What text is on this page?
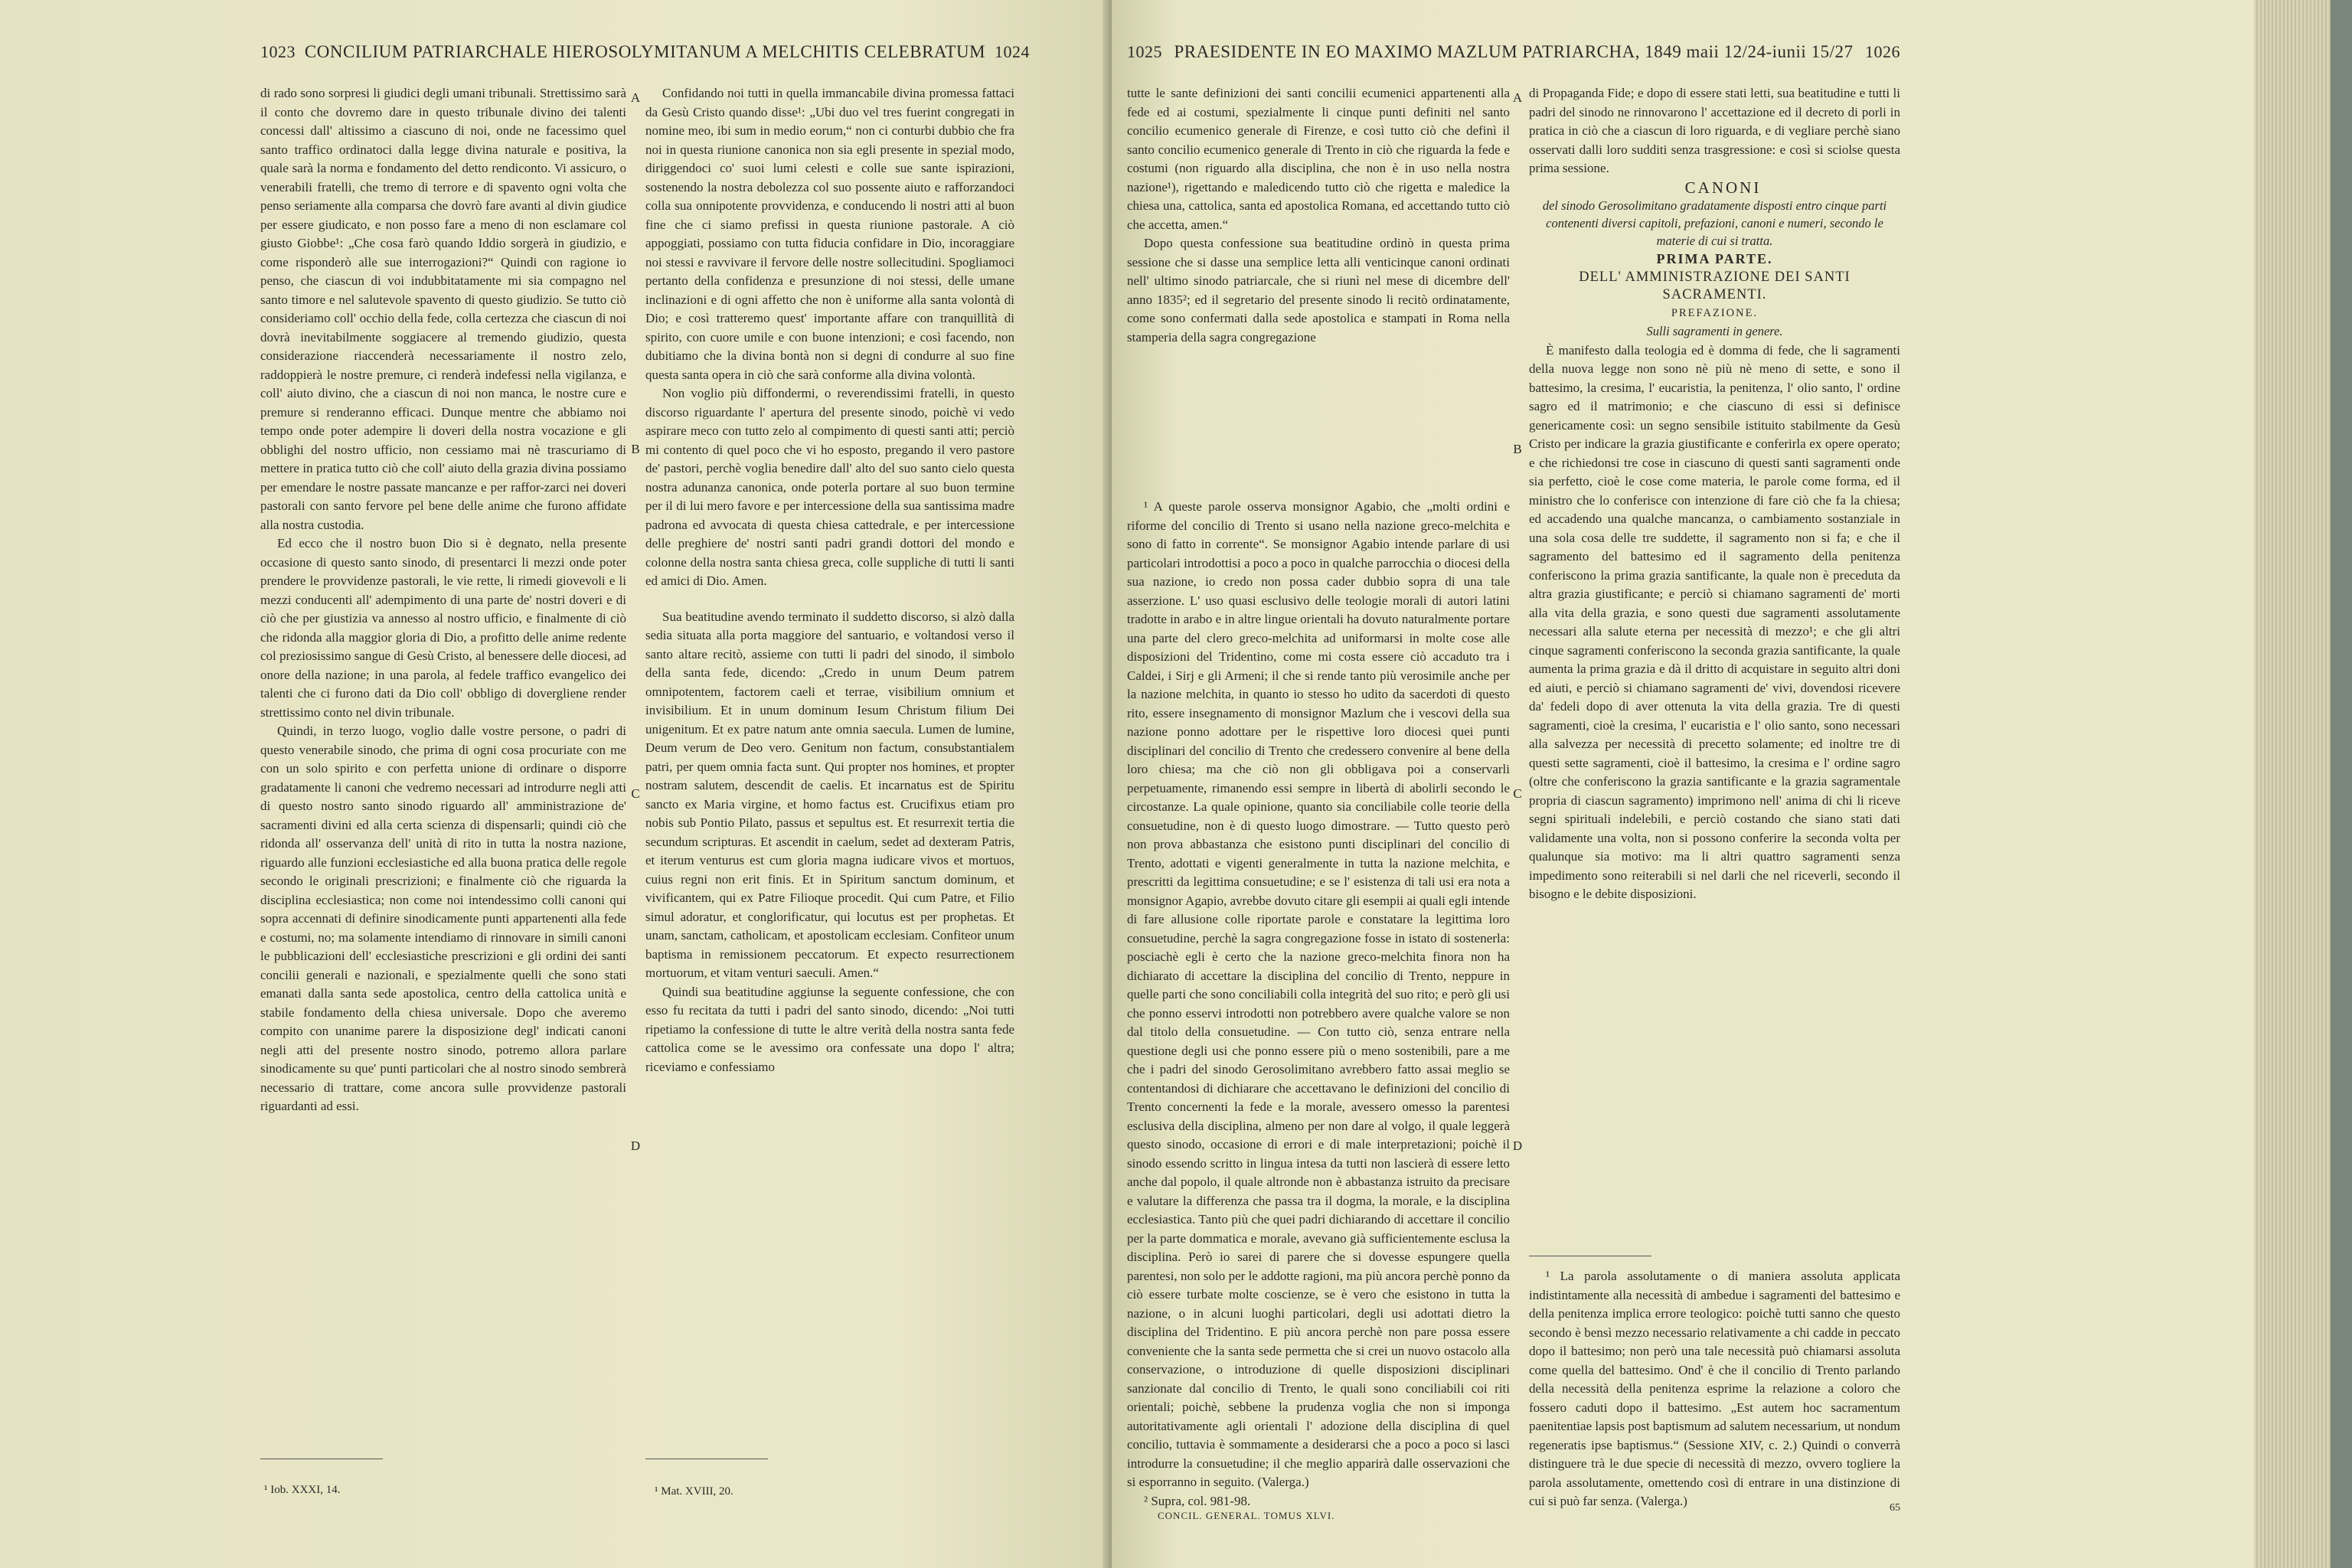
1023 CONCILIUM PATRIARCHALE HIEROSOLYMITANUM A MELCHITIS CELEBRATUM 1024

di rado sono sorpresi li giudici degli umani tribunali. Strettissimo sarà il conto che dovremo dare in questo tribunale divino dei talenti concessi dall' altissimo a ciascuno di noi, onde ne facessimo quel santo traffico ordinatoci dalla legge divina naturale e positiva, la quale sarà la norma e fondamento del detto rendiconto. Vi assicuro, o venerabili fratelli, che tremo di terrore e di spavento ogni volta che penso seriamente alla comparsa che dovrò fare avanti al divin giudice per essere giudicato, e non posso fare a meno di non esclamare col giusto Giobbe¹: „Che cosa farò quando Iddio sorgerà in giudizio, e come risponderò alle sue interrogazioni?“ Quindi con ragione io penso, che ciascun di voi indubbitatamente mi sia compagno nel santo timore e nel salutevole spavento di questo giudizio. Se tutto ciò consideriamo coll' occhio della fede, colla certezza che ciascun di noi dovrà inevitabilmente soggiacere al tremendo giudizio, questa considerazione riaccenderà necessariamente il nostro zelo, raddoppierà le nostre premure, ci renderà indefessi nella vigilanza, e coll' aiuto divino, che a ciascun di noi non manca, le nostre cure e premure si renderanno efficaci. Dunque mentre che abbiamo noi tempo onde poter adempire li doveri della nostra vocazione e gli obblighi del nostro ufficio, non cessiamo mai nè trascuriamo di mettere in pratica tutto ciò che coll' aiuto della grazia divina possiamo per emendare le nostre passate mancanze e per raffor-zarci nei doveri pastorali con santo fervore pel bene delle anime che furono affidate alla nostra custodia.

Ed ecco che il nostro buon Dio si è degnato, nella presente occasione di questo santo sinodo, di presentarci li mezzi onde poter prendere le provvidenze pastorali, le vie rette, li rimedi giovevoli e li mezzi conducenti all' adempimento di una parte de' nostri doveri e di ciò che per giustizia va annesso al nostro ufficio, e finalmente di ciò che ridonda alla maggior gloria di Dio, a profitto delle anime redente col preziosissimo sangue di Gesù Cristo, al benessere delle diocesi, ad onore della nazione; in una parola, al fedele traffico evangelico dei talenti che ci furono dati da Dio coll' obbligo di dovergliene render strettissimo conto nel divin tribunale.

Quindi, in terzo luogo, voglio dalle vostre persone, o padri di questo venerabile sinodo, che prima di ogni cosa procuriate con me con un solo spirito e con perfetta unione di ordinare o disporre gradatamente li canoni che vedremo necessari ad introdurre negli atti di questo nostro santo sinodo riguardo all' amministrazione de' sacramenti divini ed alla certa scienza di dispensarli; quindi ciò che ridonda all' osservanza dell' unità di rito in tutta la nostra nazione, riguardo alle funzioni ecclesiastiche ed alla buona pratica delle regole secondo le originali prescrizioni; e finalmente ciò che riguarda la disciplina ecclesiastica; non come noi intendessimo colli canoni qui sopra accennati di definire sinodicamente punti appartenenti alla fede e costumi, no; ma solamente intendiamo di rinnovare in simili canoni le pubblicazioni dell' ecclesiastiche prescrizioni e gli ordini dei santi concilii generali e nazionali, e spezialmente quelli che sono stati emanati dalla santa sede apostolica, centro della cattolica unità e stabile fondamento della chiesa universale. Dopo che averemo compito con unanime parere la disposizione degl' indicati canoni negli atti del presente nostro sinodo, potremo allora parlare sinodicamente su que' punti particolari che al nostro sinodo sembrerà necessario di trattare, come ancora sulle provvidenze pastorali riguardanti ad essi.

¹ Iob. XXXI, 14.
A
B
C
D

Confidando noi tutti in quella immancabile divina promessa fattaci da Gesù Cristo quando disse¹: „Ubi duo vel tres fuerint congregati in nomine meo, ibi sum in medio eorum,“ non ci conturbi dubbio che fra noi in questa riunione canonica non sia egli presente in spezial modo, diriggendoci co' suoi lumi celesti e colle sue sante ispirazioni, sostenendo la nostra debolezza col suo possente aiuto e rafforzandoci colla sua onnipotente provvidenza, e conducendo li nostri atti al buon fine che ci siamo prefissi in questa riunione pastorale. A ciò appoggiati, possiamo con tutta fiducia confidare in Dio, incoraggiare noi stessi e ravvivare il fervore delle nostre sollecitudini. Spogliamoci pertanto della confidenza e presunzione di noi stessi, delle umane inclinazioni e di ogni affetto che non è uniforme alla santa volontà di Dio; e così tratteremo quest' importante affare con tranquillità di spirito, con cuore umile e con buone intenzioni; e così facendo, non dubitiamo che la divina bontà non si degni di condurre al suo fine questa santa opera in ciò che sarà conforme alla divina volontà.

Non voglio più diffondermi, o reverendissimi fratelli, in questo discorso riguardante l' apertura del presente sinodo, poichè vi vedo aspirare meco con tutto zelo al compimento di questi santi atti; perciò mi contento di quel poco che vi ho esposto, pregando il vero pastore de' pastori, perchè voglia benedire dall' alto del suo santo cielo questa nostra adunanza canonica, onde poterla portare al suo buon termine per il di lui mero favore e per intercessione della sua santissima madre padrona ed avvocata di questa chiesa cattedrale, e per intercessione delle preghiere de' nostri santi padri grandi dottori del mondo e colonne della nostra santa chiesa greca, colle suppliche di tutti li santi ed amici di Dio. Amen.

Sua beatitudine avendo terminato il suddetto discorso, si alzò dalla sedia situata alla porta maggiore del santuario, e voltandosi verso il santo altare recitò, assieme con tutti li padri del sinodo, il simbolo della santa fede, dicendo: „Credo in unum Deum patrem omnipotentem, factorem caeli et terrae, visibilium omnium et invisibilium. Et in unum dominum Iesum Christum filium Dei unigenitum. Et ex patre natum ante omnia saecula. Lumen de lumine, Deum verum de Deo vero. Genitum non factum, consubstantialem patri, per quem omnia facta sunt. Qui propter nos homines, et propter nostram salutem, descendit de caelis. Et incarnatus est de Spiritu sancto ex Maria virgine, et homo factus est. Crucifixus etiam pro nobis sub Pontio Pilato, passus et sepultus est. Et resurrexit tertia die secundum scripturas. Et ascendit in caelum, sedet ad dexteram Patris, et iterum venturus est cum gloria magna iudicare vivos et mortuos, cuius regni non erit finis. Et in Spiritum sanctum dominum, et vivificantem, qui ex Patre Filioque procedit. Qui cum Patre, et Filio simul adoratur, et conglorificatur, qui locutus est per prophetas. Et unam, sanctam, catholicam, et apostolicam ecclesiam. Confiteor unum baptisma in remissionem peccatorum. Et expecto resurrectionem mortuorum, et vitam venturi saeculi. Amen.“

Quindi sua beatitudine aggiunse la seguente confessione, che con esso fu recitata da tutti i padri del santo sinodo, dicendo: „Noi tutti ripetiamo la confessione di tutte le altre verità della nostra santa fede cattolica come se le avessimo ora confessate una dopo l' altra; riceviamo e confessiamo

¹ Mat. XVIII, 20.
1025 PRAESIDENTE IN EO MAXIMO MAZLUM PATRIARCHA, 1849 maii 12/24-iunii 15/27 1026

tutte le sante definizioni dei santi concilii ecumenici appartenenti alla fede ed ai costumi, spezialmente li cinque punti definiti nel santo concilio ecumenico generale di Firenze, e così tutto ciò che definì il santo concilio ecumenico generale di Trento in ciò che riguarda la fede e costumi (non riguardo alla disciplina, che non è in uso nella nostra nazione¹), rigettando e maledicendo tutto ciò che rigetta e maledice la chiesa una, cattolica, santa ed apostolica Romana, ed accettando tutto ciò che accetta, amen.“

Dopo questa confessione sua beatitudine ordinò in questa prima sessione che si dasse una semplice letta alli venticinque canoni ordinati nell' ultimo sinodo patriarcale, che si riunì nel mese di dicembre dell' anno 1835²; ed il segretario del presente sinodo li recitò ordinatamente, come sono confermati dalla sede apostolica e stampati in Roma nella stamperia della sagra congregazione

¹ A queste parole osserva monsignor Agabio, che „molti ordini e riforme del concilio di Trento si usano nella nazione greco-melchita e sono di fatto in corrente“. Se monsignor Agabio intende parlare di usi particolari introdottisi a poco a poco in qualche parrocchia o diocesi della sua nazione, io credo non possa cader dubbio sopra di una tale asserzione. L' uso quasi esclusivo delle teologie morali di autori latini tradotte in arabo e in altre lingue orientali ha dovuto naturalmente portare una parte del clero greco-melchita ad uniformarsi in molte cose alle disposizioni del Tridentino, come mi costa essere ciò accaduto tra i Caldei, i Sirj e gli Armeni; il che si rende tanto più verosimile anche per la nazione melchita, in quanto io stesso ho udito da sacerdoti di questo rito, essere insegnamento di monsignor Mazlum che i vescovi della sua nazione ponno adottare per le rispettive loro diocesi quei punti disciplinari del concilio di Trento che credessero convenire al bene della loro chiesa; ma che ciò non gli obbligava poi a conservarli perpetuamente, rimanendo essi sempre in libertà di abolirli secondo le circostanze. La quale opinione, quanto sia conciliabile colle teorie della consuetudine, non è di questo luogo dimostrare. — Tutto questo però non prova abbastanza che esistono punti disciplinari del concilio di Trento, adottati e vigenti generalmente in tutta la nazione melchita, e prescritti da legittima consuetudine; e se l' esistenza di tali usi era nota a monsignor Agapio, avrebbe dovuto citare gli esempii ai quali egli intende di fare allusione colle riportate parole e constatare la legittima loro consuetudine, perchè la sagra congregazione fosse in istato di sostenerla: posciachè egli è certo che la nazione greco-melchita finora non ha dichiarato di accettare la disciplina del concilio di Trento, neppure in quelle parti che sono conciliabili colla integrità del suo rito; e però gli usi che ponno esservi introdotti non potrebbero avere qualche valore se non dal titolo della consuetudine. — Con tutto ciò, senza entrare nella questione degli usi che ponno essere più o meno sostenibili, pare a me che i padri del sinodo Gerosolimitano avrebbero fatto assai meglio se contentandosi di dichiarare che accettavano le definizioni del concilio di Trento concernenti la fede e la morale, avessero omesso la parentesi esclusiva della disciplina, almeno per non dare al volgo, il quale leggerà questo sinodo, occasione di errori e di male interpretazioni; poichè il sinodo essendo scritto in lingua intesa da tutti non lascierà di essere letto anche dal popolo, il quale altronde non è abbastanza istruito da precisare e valutare la differenza che passa tra il dogma, la morale, e la disciplina ecclesiastica. Tanto più che quei padri dichiarando di accettare il concilio per la parte dommatica e morale, avevano già sufficientemente esclusa la disciplina. Però io sarei di parere che si dovesse espungere quella parentesi, non solo per le addotte ragioni, ma più ancora perchè ponno da ciò essere turbate molte coscienze, se è vero che esistono in tutta la nazione, o in alcuni luoghi particolari, degli usi adottati dietro la disciplina del Tridentino. E più ancora perchè non pare possa essere conveniente che la santa sede permetta che si crei un nuovo ostacolo alla conservazione, o introduzione di quelle disposizioni disciplinari sanzionate dal concilio di Trento, le quali sono conciliabili coi riti orientali; poichè, sebbene la prudenza voglia che non si imponga autoritativamente agli orientali l' adozione della disciplina di quel concilio, tuttavia è sommamente a desiderarsi che a poco a poco si lasci introdurre la consuetudine; il che meglio apparirà dalle osservazioni che si esporranno in seguito. (Valerga.)

² Supra, col. 981-98.

CONCIL. GENERAL. TOMUS XLVI.
A
B
C
D

di Propaganda Fide; e dopo di essere stati letti, sua beatitudine e tutti li padri del sinodo ne rinnovarono l' accettazione ed il decreto di porli in pratica in ciò che a ciascun di loro riguarda, e di vegliare perchè siano osservati dalli loro sudditi senza trasgressione: e così si sciolse questa prima sessione.

CANONI

del sinodo Gerosolimitano gradatamente disposti entro cinque parti contenenti diversi capitoli, prefazioni, canoni e numeri, secondo le materie di cui si tratta.

PRIMA PARTE.

DELL' AMMINISTRAZIONE DEI SANTI SACRAMENTI.

PREFAZIONE.

Sulli sagramenti in genere.

È manifesto dalla teologia ed è domma di fede, che li sagramenti della nuova legge non sono nè più nè meno di sette, e sono il battesimo, la cresima, l' eucaristia, la penitenza, l' olio santo, l' ordine sagro ed il matrimonio; e che ciascuno di essi si definisce genericamente così: un segno sensibile istituito stabilmente da Gesù Cristo per indicare la grazia giustificante e conferirla ex opere operato; e che richiedonsi tre cose in ciascuno di questi santi sagramenti onde sia perfetto, cioè le cose come materia, le parole come forma, ed il ministro che lo conferisce con intenzione di fare ciò che fa la chiesa; ed accadendo una qualche mancanza, o cambiamento sostanziale in una sola cosa delle tre suddette, il sagramento non si fa; e che il sagramento del battesimo ed il sagramento della penitenza conferiscono la prima grazia santificante, la quale non è preceduta da altra grazia giustificante; e perciò si chiamano sagramenti de' morti alla vita della grazia, e sono questi due sagramenti assolutamente necessari alla salute eterna per necessità di mezzo¹; e che gli altri cinque sagramenti conferiscono la seconda grazia santificante, la quale aumenta la prima grazia e dà il dritto di acquistare in seguito altri doni ed aiuti, e perciò si chiamano sagramenti de' vivi, dovendosi ricevere da' fedeli dopo di aver ottenuta la vita della grazia. Tre di questi sagramenti, cioè la cresima, l' eucaristia e l' olio santo, sono necessari alla salvezza per necessità di precetto solamente; ed inoltre tre di questi sette sagramenti, cioè il battesimo, la cresima e l' ordine sagro (oltre che conferiscono la grazia santificante e la grazia sagramentale propria di ciascun sagramento) imprimono nell' anima di chi li riceve segni spirituali indelebili, e perciò costando che siano stati dati validamente una volta, non si possono conferire la seconda volta per qualunque sia motivo: ma li altri quattro sagramenti senza impedimento sono reiterabili si nel darli che nel riceverli, secondo il bisogno e le debite disposizioni.

¹ La parola assolutamente o di maniera assoluta applicata indistintamente alla necessità di ambedue i sagramenti del battesimo e della penitenza implica errore teologico: poichè tutti sanno che questo secondo è bensì mezzo necessario relativamente a chi cadde in peccato dopo il battesimo; non però una tale necessità può chiamarsi assoluta come quella del battesimo. Ond' è che il concilio di Trento parlando della necessità della penitenza esprime la relazione a coloro che fossero caduti dopo il battesimo. „Est autem hoc sacramentum paenitentiae lapsis post baptismum ad salutem necessarium, ut nondum regeneratis ipse baptismus.“ (Sessione XIV, c. 2.) Quindi o converrà distinguere trà le due specie di necessità di mezzo, ovvero togliere la parola assolutamente, omettendo così di entrare in una distinzione di cui si può far senza. (Valerga.)	65
